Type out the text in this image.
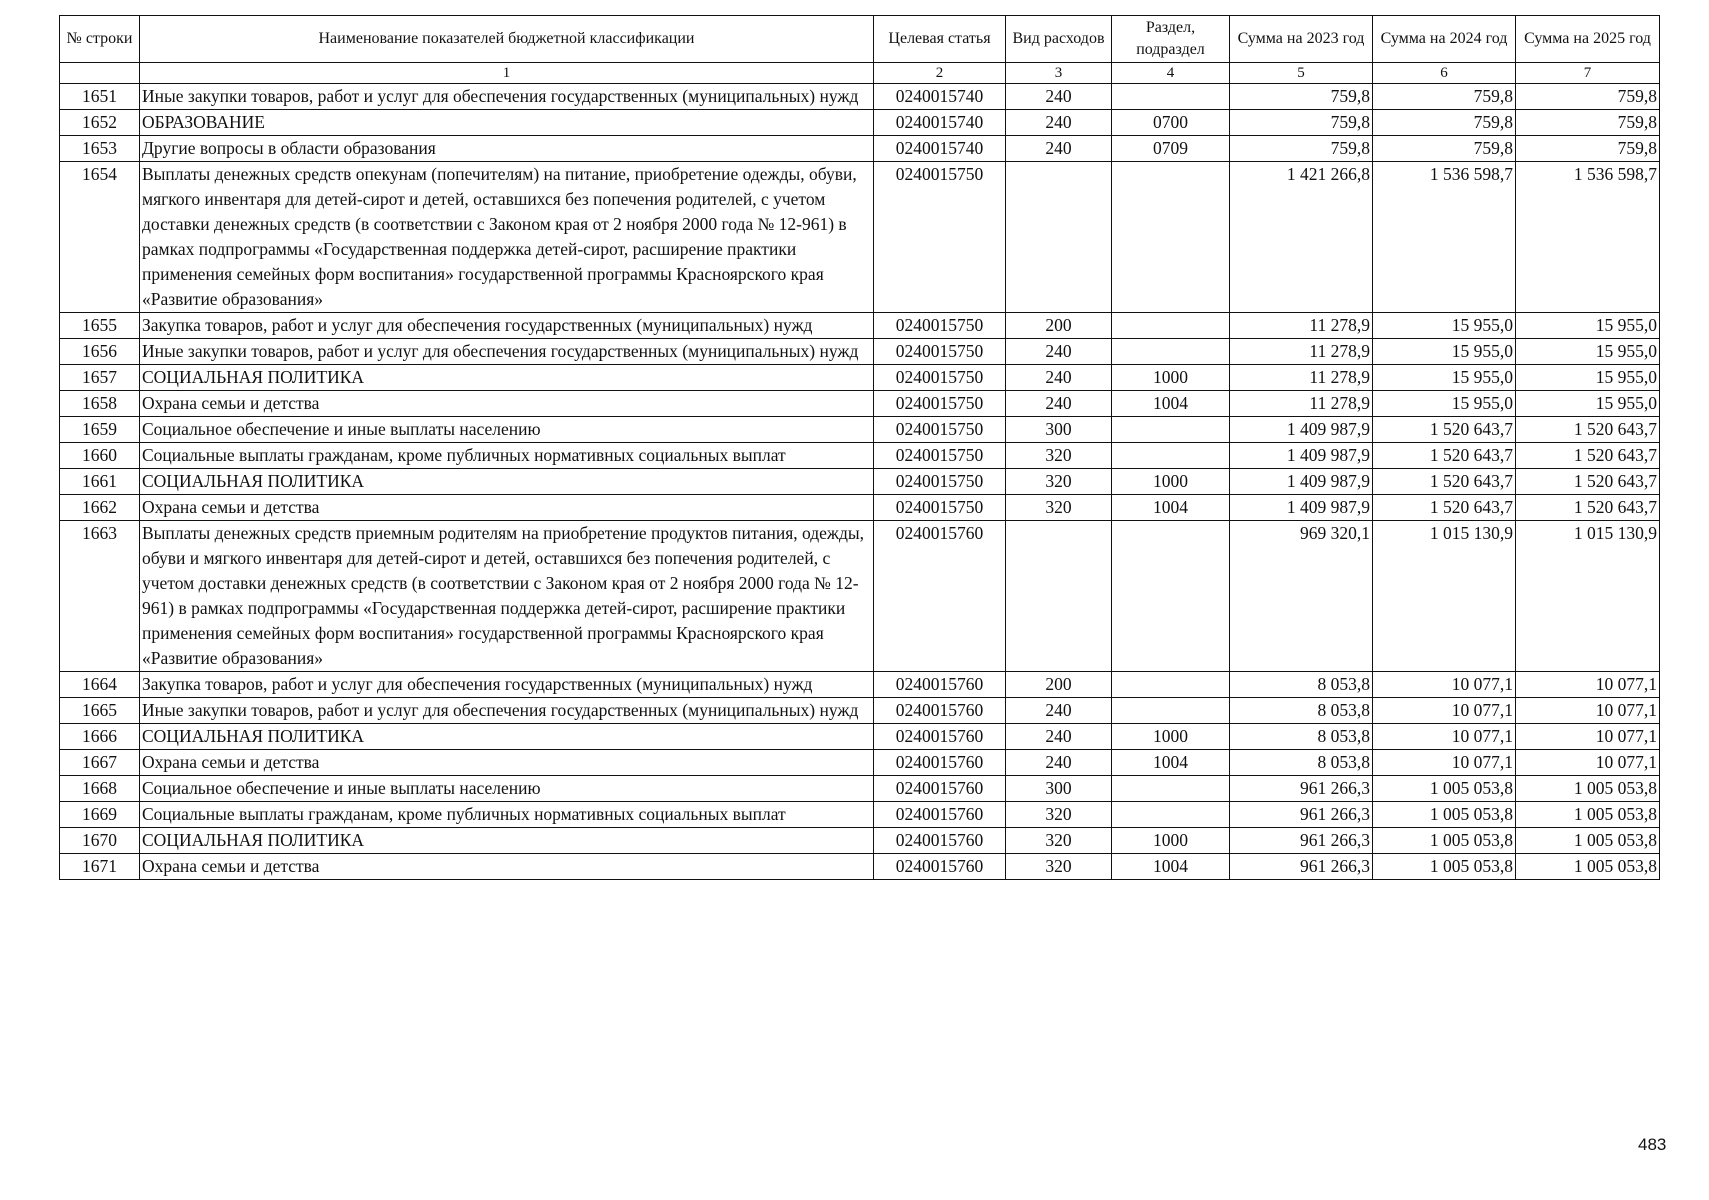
№ строки	Наименование показателей бюджетной классификации	Целевая статья	Вид расходов	Раздел, подраздел	Сумма на 2023 год	Сумма на 2024 год	Сумма на 2025 год
	1	2	3	4	5	6	7
1651	Иные закупки товаров, работ и услуг для обеспечения государственных (муниципальных) нужд	0240015740	240		759,8	759,8	759,8
1652	ОБРАЗОВАНИЕ	0240015740	240	0700	759,8	759,8	759,8
1653	Другие вопросы в области образования	0240015740	240	0709	759,8	759,8	759,8
1654	Выплаты денежных средств опекунам (попечителям) на питание, приобретение одежды, обуви, мягкого инвентаря для детей-сирот и детей, оставшихся без попечения родителей, с учетом доставки денежных средств (в соответствии с Законом края от 2 ноября 2000 года № 12-961) в рамках подпрограммы «Государственная поддержка детей-сирот, расширение практики применения семейных форм воспитания» государственной программы Красноярского края «Развитие образования»	0240015750			1 421 266,8	1 536 598,7	1 536 598,7
1655	Закупка товаров, работ и услуг для обеспечения государственных (муниципальных) нужд	0240015750	200		11 278,9	15 955,0	15 955,0
1656	Иные закупки товаров, работ и услуг для обеспечения государственных (муниципальных) нужд	0240015750	240		11 278,9	15 955,0	15 955,0
1657	СОЦИАЛЬНАЯ ПОЛИТИКА	0240015750	240	1000	11 278,9	15 955,0	15 955,0
1658	Охрана семьи и детства	0240015750	240	1004	11 278,9	15 955,0	15 955,0
1659	Социальное обеспечение и иные выплаты населению	0240015750	300		1 409 987,9	1 520 643,7	1 520 643,7
1660	Социальные выплаты гражданам, кроме публичных нормативных социальных выплат	0240015750	320		1 409 987,9	1 520 643,7	1 520 643,7
1661	СОЦИАЛЬНАЯ ПОЛИТИКА	0240015750	320	1000	1 409 987,9	1 520 643,7	1 520 643,7
1662	Охрана семьи и детства	0240015750	320	1004	1 409 987,9	1 520 643,7	1 520 643,7
1663	Выплаты денежных средств приемным родителям на приобретение продуктов питания, одежды, обуви и мягкого инвентаря для детей-сирот и детей, оставшихся без попечения родителей, с учетом доставки денежных средств (в соответствии с Законом края от 2 ноября 2000 года № 12-961) в рамках подпрограммы «Государственная поддержка детей-сирот, расширение практики применения семейных форм воспитания» государственной программы Красноярского края «Развитие образования»	0240015760			969 320,1	1 015 130,9	1 015 130,9
1664	Закупка товаров, работ и услуг для обеспечения государственных (муниципальных) нужд	0240015760	200		8 053,8	10 077,1	10 077,1
1665	Иные закупки товаров, работ и услуг для обеспечения государственных (муниципальных) нужд	0240015760	240		8 053,8	10 077,1	10 077,1
1666	СОЦИАЛЬНАЯ ПОЛИТИКА	0240015760	240	1000	8 053,8	10 077,1	10 077,1
1667	Охрана семьи и детства	0240015760	240	1004	8 053,8	10 077,1	10 077,1
1668	Социальное обеспечение и иные выплаты населению	0240015760	300		961 266,3	1 005 053,8	1 005 053,8
1669	Социальные выплаты гражданам, кроме публичных нормативных социальных выплат	0240015760	320		961 266,3	1 005 053,8	1 005 053,8
1670	СОЦИАЛЬНАЯ ПОЛИТИКА	0240015760	320	1000	961 266,3	1 005 053,8	1 005 053,8
1671	Охрана семьи и детства	0240015760	320	1004	961 266,3	1 005 053,8	1 005 053,8
483
